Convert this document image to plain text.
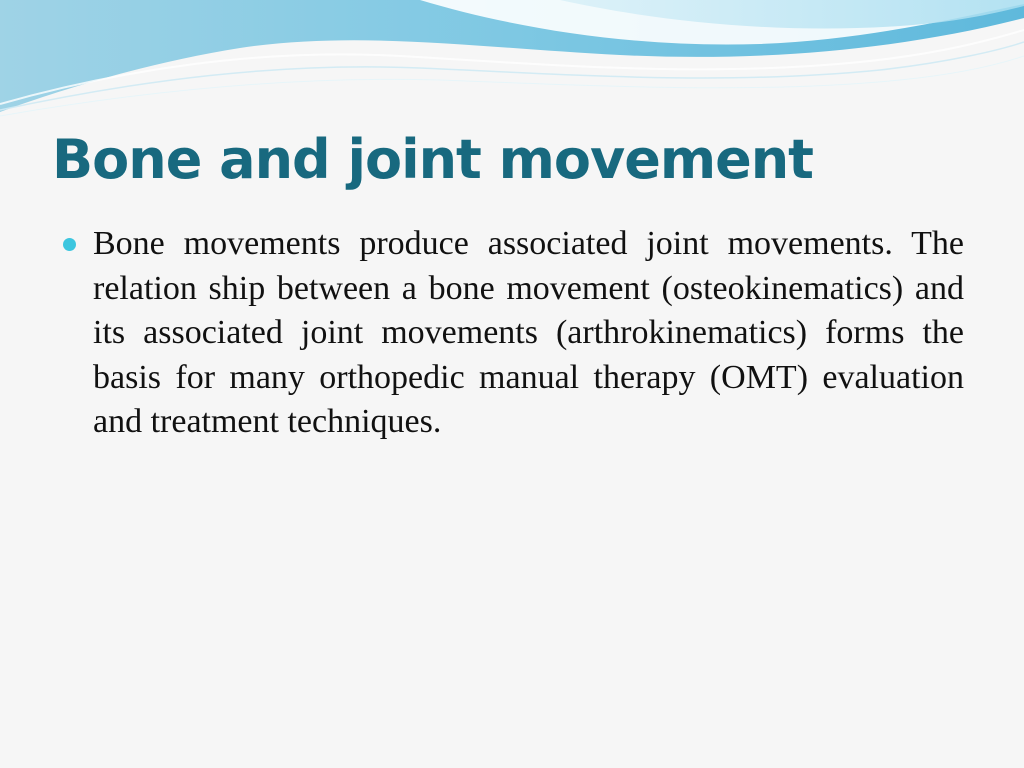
Bone and joint movement
Bone movements produce associated joint movements. The relation ship between a bone movement (osteokinematics) and its associated joint movements (arthrokinematics) forms the basis for many orthopedic manual therapy (OMT) evaluation and treatment techniques.
